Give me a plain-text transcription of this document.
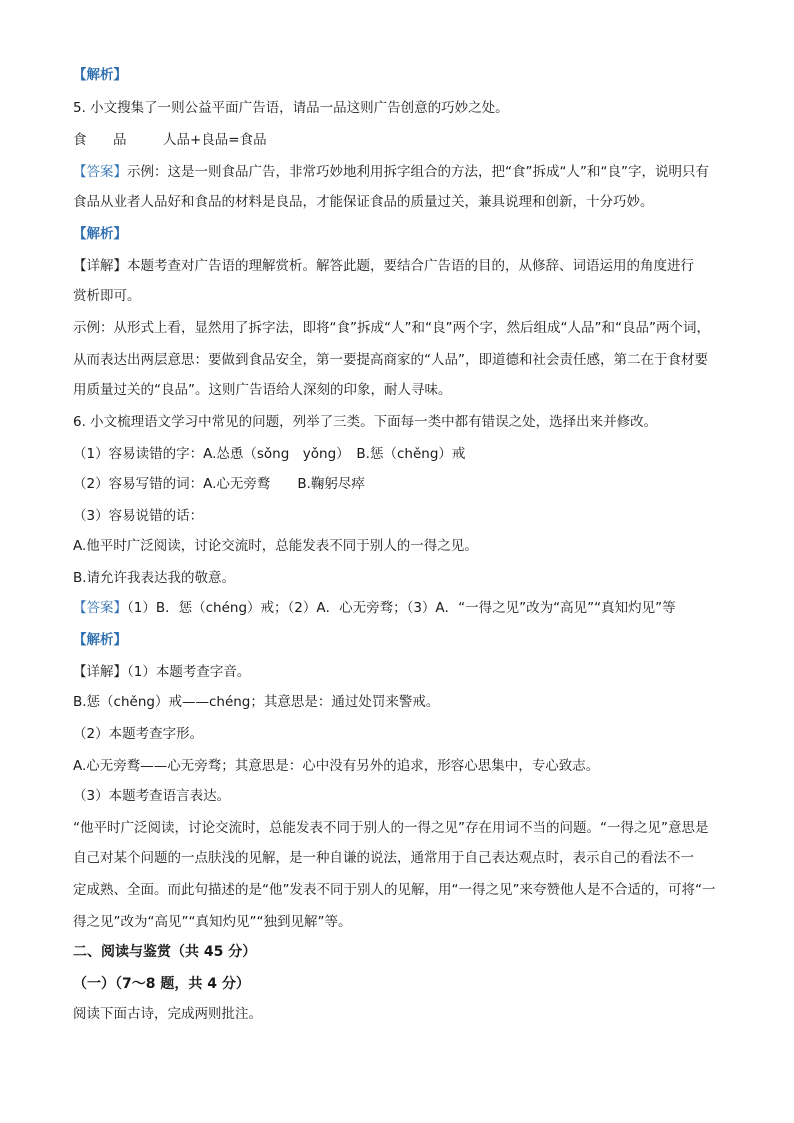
【解析】
5. 小文搜集了一则公益平面广告语，请品一品这则广告创意的巧妙之处。
食 品	人品+良品=食品
【答案】示例：这是一则食品广告，非常巧妙地利用拆字组合的方法，把“食”拆成“人”和“良”字，说明只有
食品从业者人品好和食品的材料是良品，才能保证食品的质量过关，兼具说理和创新，十分巧妙。
【解析】
【详解】本题考查对广告语的理解赏析。解答此题，要结合广告语的目的，从修辞、词语运用的角度进行
赏析即可。
示例：从形式上看，显然用了拆字法，即将“食”拆成“人”和“良”两个字，然后组成“人品”和“良品”两个词，
从而表达出两层意思：要做到食品安全，第一要提高商家的“人品”，即道德和社会责任感，第二在于食材要
用质量过关的“良品”。这则广告语给人深刻的印象，耐人寻味。
6. 小文梳理语文学习中常见的问题，列举了三类。下面每一类中都有错误之处，选择出来并修改。
（1）容易读错的字：A.怂恿（sǒng　yǒng）　B.惩（chěng）戒
（2）容易写错的词：A.心无旁鹜　　B.鞠躬尽瘁
（3）容易说错的话：
A.他平时广泛阅读，讨论交流时，总能发表不同于别人的一得之见。
B.请允许我表达我的敬意。
【答案】（1）B．惩（chéng）戒；（2）A．心无旁骛；（3）A．“一得之见”改为“高见”“真知灼见”等
【解析】
【详解】（1）本题考查字音。
B.惩（chěng）戒——chéng；其意思是：通过处罚来警戒。
（2）本题考查字形。
A.心无旁鹜——心无旁骛；其意思是：心中没有另外的追求，形容心思集中，专心致志。
（3）本题考查语言表达。
“他平时广泛阅读，讨论交流时，总能发表不同于别人的一得之见”存在用词不当的问题。“一得之见”意思是
自己对某个问题的一点肤浅的见解，是一种自谦的说法，通常用于自己表达观点时，表示自己的看法不一
定成熟、全面。而此句描述的是“他”发表不同于别人的见解，用“一得之见”来夸赞他人是不合适的，可将“一
得之见”改为“高见”“真知灼见”“独到见解”等。
二、阅读与鉴赏（共 45 分）
（一）（7～8 题，共 4 分）
阅读下面古诗，完成两则批注。
